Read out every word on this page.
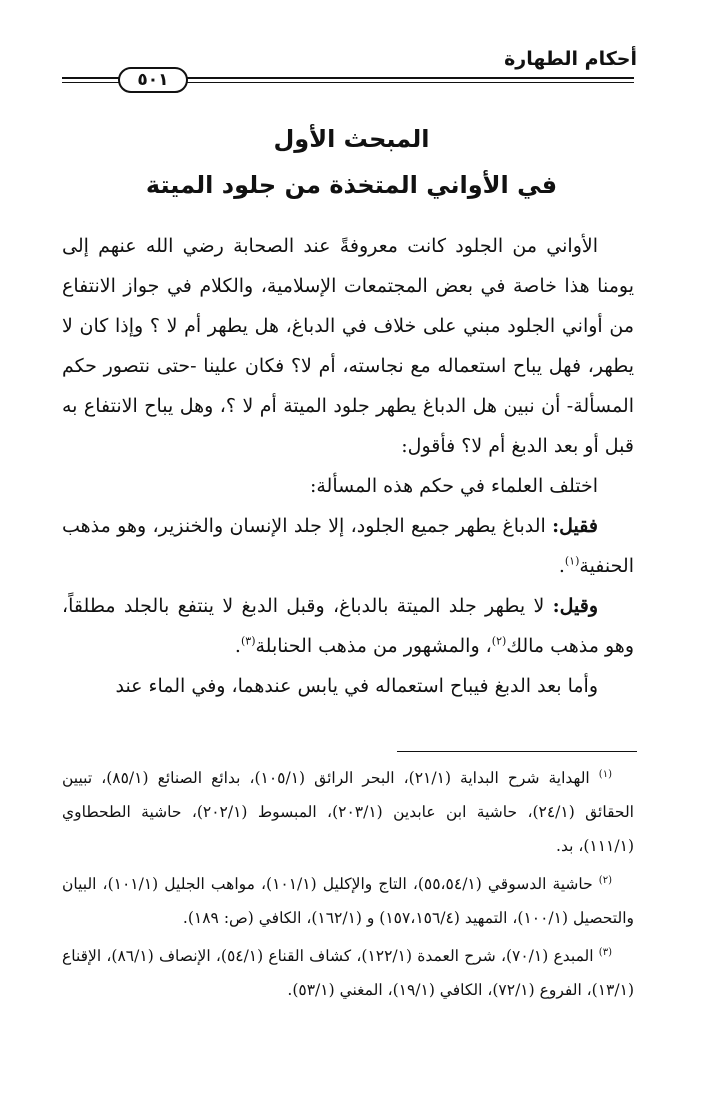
أحكام الطهارة
٥٠١
المبحث الأول
في الأواني المتخذة من جلود الميتة

الأواني من الجلود كانت معروفةً عند الصحابة رضي الله عنهم إلى يومنا هذا خاصة في بعض المجتمعات الإسلامية، والكلام في جواز الانتفاع من أواني الجلود مبني على خلاف في الدباغ، هل يطهر أم لا ؟ وإذا كان لا يطهر، فهل يباح استعماله مع نجاسته، أم لا؟ فكان علينا -حتى نتصور حكم المسألة- أن نبين هل الدباغ يطهر جلود الميتة أم لا ؟، وهل يباح الانتفاع به قبل أو بعد الدبغ أم لا؟ فأقول:

اختلف العلماء في حكم هذه المسألة:

فقيل: الدباغ يطهر جميع الجلود، إلا جلد الإنسان والخنزير، وهو مذهب الحنفية$^{(١)}$.

وقيل: لا يطهر جلد الميتة بالدباغ، وقبل الدبغ لا ينتفع بالجلد مطلقاً، وهو مذهب مالك$^{(٢)}$، والمشهور من مذهب الحنابلة$^{(٣)}$.

وأما بعد الدبغ فيباح استعماله في يابس عندهما، وفي الماء عند

$^{(١)}$ الهداية شرح البداية (٢١/١)، البحر الرائق (١٠٥/١)، بدائع الصنائع (٨٥/١)، تبيين الحقائق (٢٤/١)، حاشية ابن عابدين (٢٠٣/١)، المبسوط (٢٠٢/١)، حاشية الطحطاوي (١١١/١)، بد.

$^{(٢)}$ حاشية الدسوقي (٥٥،٥٤/١)، التاج والإكليل (١٠١/١)، مواهب الجليل (١٠١/١)، البيان والتحصيل (١٠٠/١)، التمهيد (١٥٧،١٥٦/٤) و (١٦٢/١)، الكافي (ص: ١٨٩).

$^{(٣)}$ المبدع (٧٠/١)، شرح العمدة (١٢٢/١)، كشاف القناع (٥٤/١)، الإنصاف (٨٦/١)، الإقناع (١٣/١)، الفروع (٧٢/١)، الكافي (١٩/١)، المغني (٥٣/١).
